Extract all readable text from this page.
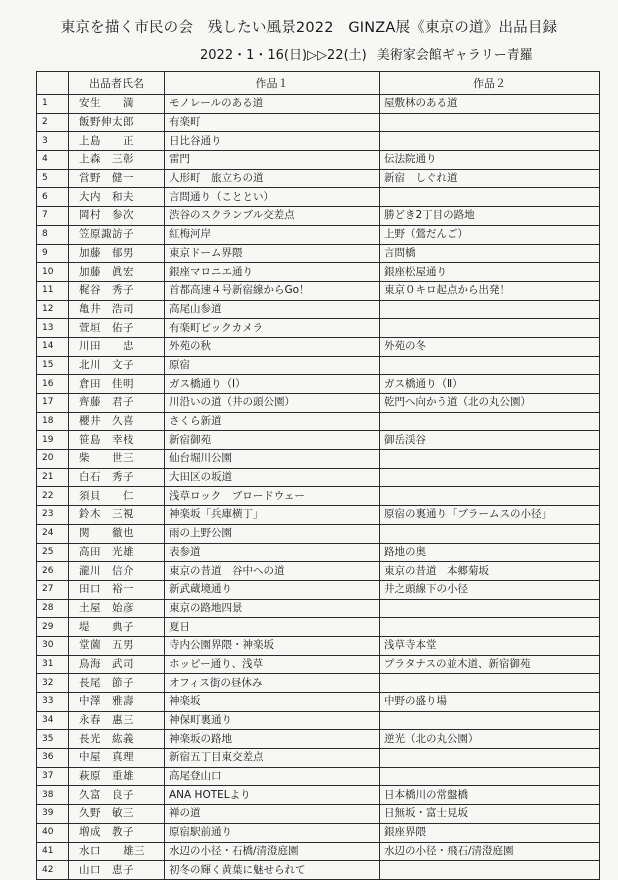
東京を描く市民の会　残したい風景2022　GINZA展《東京の道》出品目録
2022・1・16(日)▷▷22(土) 美術家会館ギャラリー青羅
	出品者氏名	作品１	作品２
1	安生　　満	モノレールのある道	屋敷林のある道
2	飯野伸太郎	有楽町	
3	上島　　正	日比谷通り	
4	上森　三彰	雷門	伝法院通り
5	営野　健一	人形町　旅立ちの道	新宿　しぐれ道
6	大内　和夫	言問通り（こととい）	
7	岡村　参次	渋谷のスクランブル交差点	勝どき2丁目の路地
8	笠原諏訪子	紅梅河岸	上野（鶯だんご）
9	加藤　郁男	東京ドーム界隈	言問橋
10	加藤　眞宏	銀座マロニエ通り	銀座松屋通り
11	梶谷　秀子	首都高速４号新宿線からGo！	東京０キロ起点から出発！
12	亀井　浩司	高尾山参道	
13	萱垣　佑子	有楽町ビックカメラ	
14	川田　　忠	外苑の秋	外苑の冬
15	北川　文子	原宿	
16	倉田　佳明	ガス橋通り（Ⅰ）	ガス橋通り（Ⅱ）
17	齊藤　君子	川沿いの道（井の頭公園）	乾門へ向かう道（北の丸公園）
18	櫻井　久喜	さくら新道	
19	笹島　幸枝	新宿御苑	御岳渓谷
20	柴　　世三	仙台堀川公園	
21	白石　秀子	大田区の坂道	
22	須貝　　仁	浅草ロック　ブロードウェー	
23	鈴木　三視	神楽坂「兵庫横丁」	原宿の裏通り「ブラームスの小径」
24	関　　徹也	雨の上野公園	
25	高田　光雄	表参道	路地の奥
26	瀧川　信介	東京の昔道　谷中への道	東京の昔道　本郷菊坂
27	田口　裕一	新武蔵境通り	井之頭線下の小径
28	土屋　始彦	東京の路地四景	
29	堤　　典子	夏日	
30	堂薗　五男	寺内公園界隈・神楽坂	浅草寺本堂
31	鳥海　武司	ホッピー通り、浅草	プラタナスの並木道、新宿御苑
32	長尾　節子	オフィス街の昼休み	
33	中澤　雅壽	神楽坂	中野の盛り場
34	永春　惠三	神保町裏通り	
35	長光　紘義	神楽坂の路地	逆光（北の丸公園）
36	中屋　真理	新宿五丁目東交差点	
37	萩原　重雄	高尾登山口	
38	久富　良子	ANA HOTELより	日本橋川の常盤橋
39	久野　敏三	禅の道	日無坂・富士見坂
40	増成　教子	原宿駅前通り	銀座界隈
41	水口　　雄三	水辺の小径・石橋/清澄庭園	水辺の小径・飛石/清澄庭園
42	山口　恵子	初冬の輝く黄葉に魅せられて	
